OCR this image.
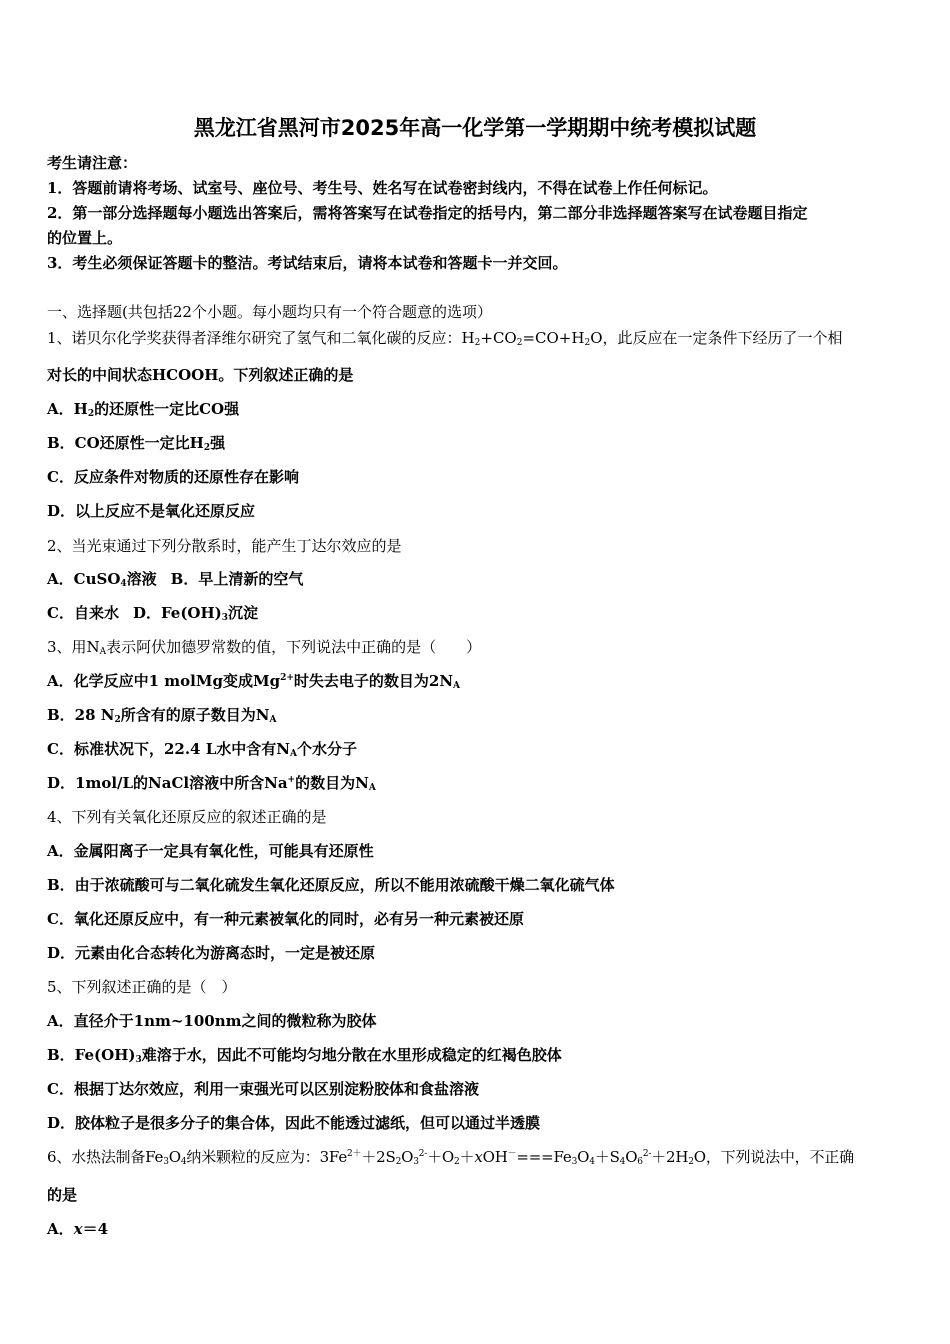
黑龙江省黑河市2025年高一化学第一学期期中统考模拟试题
考生请注意：
1．答题前请将考场、试室号、座位号、考生号、姓名写在试卷密封线内，不得在试卷上作任何标记。
2．第一部分选择题每小题选出答案后，需将答案写在试卷指定的括号内，第二部分非选择题答案写在试卷题目指定
的位置上。
3．考生必须保证答题卡的整洁。考试结束后，请将本试卷和答题卡一并交回。
一、选择题(共包括22个小题。每小题均只有一个符合题意的选项）
1、诺贝尔化学奖获得者泽维尔研究了氢气和二氧化碳的反应：$H_2+CO_2=CO+H_2O$，此反应在一定条件下经历了一个相
对长的中间状态HCOOH。下列叙述正确的是
A．$H_2$的还原性一定比CO强
B．CO还原性一定比$H_2$强
C．反应条件对物质的还原性存在影响
D．以上反应不是氧化还原反应
2、当光束通过下列分散系时，能产生丁达尔效应的是
A．CuSO$_4$溶液 B．早上清新的空气
C．自来水 D．$Fe(OH)_3$沉淀
3、用$N_A$表示阿伏加德罗常数的值，下列说法中正确的是（　　）
A．化学反应中1 molMg变成$Mg^{2+}$时失去电子的数目为$2N_A$
B．28 $N_2$所含有的原子数目为$N_A$
C．标准状况下，22.4 L水中含有$N_A$个水分子
D．1mol/L的NaCl溶液中所含Na+的数目为$N_A$
4、下列有关氧化还原反应的叙述正确的是
A．金属阳离子一定具有氧化性，可能具有还原性
B．由于浓硫酸可与二氧化硫发生氧化还原反应，所以不能用浓硫酸干燥二氧化硫气体
C．氧化还原反应中，有一种元素被氧化的同时，必有另一种元素被还原
D．元素由化合态转化为游离态时，一定是被还原
5、下列叙述正确的是（　）
A．直径介于1nm~100nm之间的微粒称为胶体
B．$Fe(OH)_3$难溶于水，因此不可能均匀地分散在水里形成稳定的红褐色胶体
C．根据丁达尔效应，利用一束强光可以区别淀粉胶体和食盐溶液
D．胶体粒子是很多分子的集合体，因此不能透过滤纸，但可以通过半透膜
6、水热法制备$Fe_3O_4$纳米颗粒的反应为：$3Fe^{2+}+2S_2O_3^{2-}+O_2+xOH^-===Fe_3O_4+S_4O_6^{2-}+2H_2O$，下列说法中，不正确
的是
A．x＝4
